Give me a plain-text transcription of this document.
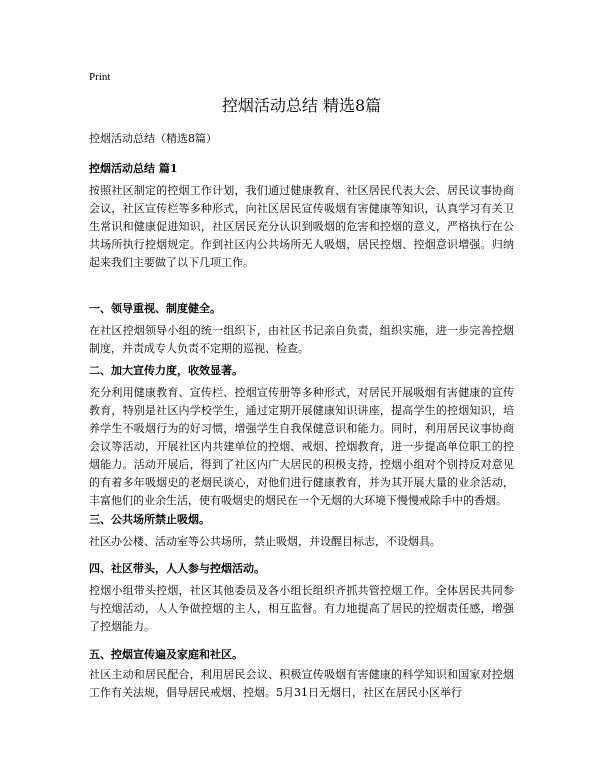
Print
控烟活动总结 精选8篇
控烟活动总结（精选8篇）
控烟活动总结 篇1

按照社区制定的控烟工作计划，我们通过健康教育、社区居民代表大会、居民议事协商会议，社区宣传栏等多种形式，向社区居民宣传吸烟有害健康等知识，认真学习有关卫生常识和健康促进知识，社区居民充分认识到吸烟的危害和控烟的意义，严格执行在公共场所执行控烟规定。作到社区内公共场所无人吸烟，居民控烟、控烟意识增强。归纳起来我们主要做了以下几项工作。

一、领导重视、制度健全。

在社区控烟领导小组的统一组织下，由社区书记亲自负责，组织实施，进一步完善控烟制度，并责成专人负责不定期的巡视、检查。

二、加大宣传力度，收效显著。

充分利用健康教育、宣传栏、控烟宣传册等多种形式，对居民开展吸烟有害健康的宣传教育，特别是社区内学校学生，通过定期开展健康知识讲座，提高学生的控烟知识，培养学生不吸烟行为的好习惯，增强学生自我保健意识和能力。同时，利用居民议事协商会议等活动，开展社区内共建单位的控烟、戒烟、控烟教育，进一步提高单位职工的控烟能力。活动开展后，得到了社区内广大居民的积极支持，控烟小组对个别持反对意见的有着多年吸烟史的老烟民谈心，对他们进行健康教育，并为其开展大量的业余活动，丰富他们的业余生活，使有吸烟史的烟民在一个无烟的大环境下慢慢戒除手中的香烟。

三、公共场所禁止吸烟。

社区办公楼、活动室等公共场所，禁止吸烟，并设醒目标志，不设烟具。

四、社区带头，人人参与控烟活动。

控烟小组带头控烟，社区其他委员及各小组长组织齐抓共管控烟工作。全体居民共同参与控烟活动，人人争做控烟的主人，相互监督。有力地提高了居民的控烟责任感，增强了控烟能力。

五、控烟宣传遍及家庭和社区。

社区主动和居民配合，利用居民会议、积极宣传吸烟有害健康的科学知识和国家对控烟工作有关法规，倡导居民戒烟、控烟。5月31日无烟日，社区在居民小区举行
